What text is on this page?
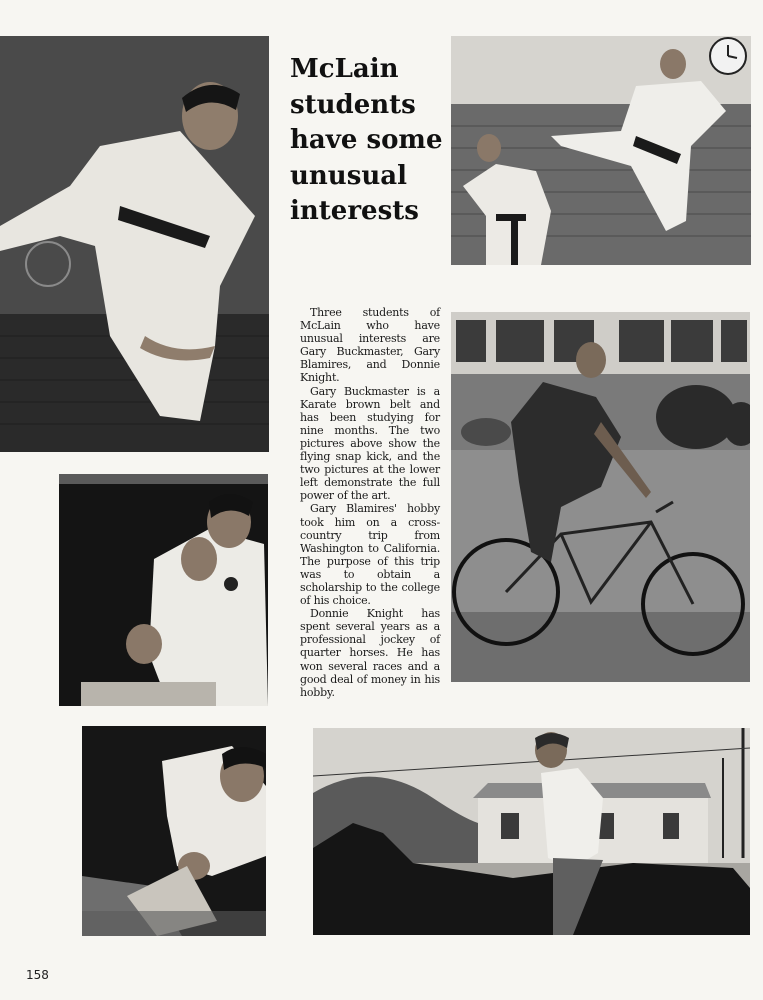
McLain
students
have some
unusual
interests

Three students of McLain who have unusual interests are Gary Buckmaster, Gary Blamires, and Donnie Knight.

Gary Buckmaster is a Karate brown belt and has been studying for nine months. The two pictures above show the flying snap kick, and the two pictures at the lower left demonstrate the full power of the art.

Gary Blamires' hobby took him on a cross-country trip from Washington to California. The purpose of this trip was to obtain a scholarship to the college of his choice.

Donnie Knight has spent several years as a professional jockey of quarter horses. He has won several races and a good deal of money in his hobby.

158
